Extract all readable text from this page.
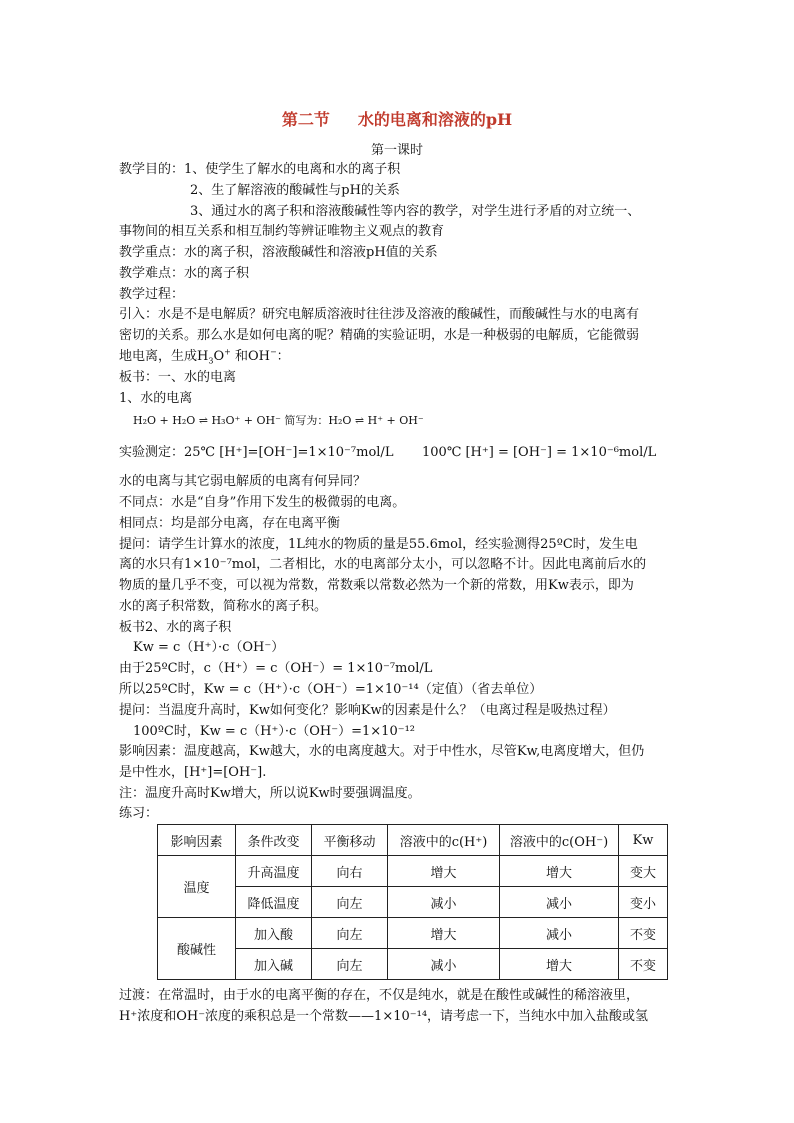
第二节 水的电离和溶液的pH
第一课时
教学目的：1、使学生了解水的电离和水的离子积
2、生了解溶液的酸碱性与pH的关系
3、通过水的离子积和溶液酸碱性等内容的教学，对学生进行矛盾的对立统一、
事物间的相互关系和相互制约等辨证唯物主义观点的教育
教学重点：水的离子积，溶液酸碱性和溶液pH值的关系
教学难点：水的离子积
教学过程：
引入：水是不是电解质？研究电解质溶液时往往涉及溶液的酸碱性，而酸碱性与水的电离有
密切的关系。那么水是如何电离的呢？精确的实验证明，水是一种极弱的电解质，它能微弱
地电离，生成$H_3O^+$ 和OH−：
板书：一、水的电离
1、水的电离
H₂O + H₂O ⇌ H₃O⁺ + OH⁻ 简写为：H₂O ⇌ H⁺ + OH⁻
实验测定：25℃ [H⁺]=[OH⁻]=1×10⁻⁷mol/L 100℃ [H⁺] = [OH⁻] = 1×10⁻⁶mol/L
水的电离与其它弱电解质的电离有何异同？
不同点：水是“自身”作用下发生的极微弱的电离。
相同点：均是部分电离，存在电离平衡
提问：请学生计算水的浓度，1L纯水的物质的量是55.6mol，经实验测得25ºC时，发生电
离的水只有1×10⁻⁷mol，二者相比，水的电离部分太小，可以忽略不计。因此电离前后水的
物质的量几乎不变，可以视为常数，常数乘以常数必然为一个新的常数，用Kw表示，即为
水的离子积常数，简称水的离子积。
板书2、水的离子积
Kw = c（H⁺）·c（OH⁻）
由于25ºC时，c（H⁺）= c（OH⁻）= 1×10⁻⁷mol/L
所以25ºC时，Kw = c（H⁺）·c（OH⁻）=1×10⁻¹⁴（定值）（省去单位）
提问：当温度升高时，Kw如何变化？影响Kw的因素是什么？（电离过程是吸热过程）
100ºC时，Kw = c（H⁺）·c（OH⁻）=1×10⁻¹²
影响因素：温度越高，Kw越大，水的电离度越大。对于中性水，尽管Kw,电离度增大，但仍
是中性水，[H⁺]=[OH⁻].
注：温度升高时Kw增大，所以说Kw时要强调温度。
练习：
影响因素	条件改变	平衡移动	溶液中的c(H⁺)	溶液中的c(OH⁻)	Kw
温度	升高温度	向右	增大	增大	变大
	降低温度	向左	减小	减小	变小
酸碱性	加入酸	向左	增大	减小	不变
	加入碱	向左	减小	增大	不变
过渡：在常温时，由于水的电离平衡的存在，不仅是纯水，就是在酸性或碱性的稀溶液里，
H⁺浓度和OH⁻浓度的乘积总是一个常数——1×10⁻¹⁴，请考虑一下，当纯水中加入盐酸或氢
